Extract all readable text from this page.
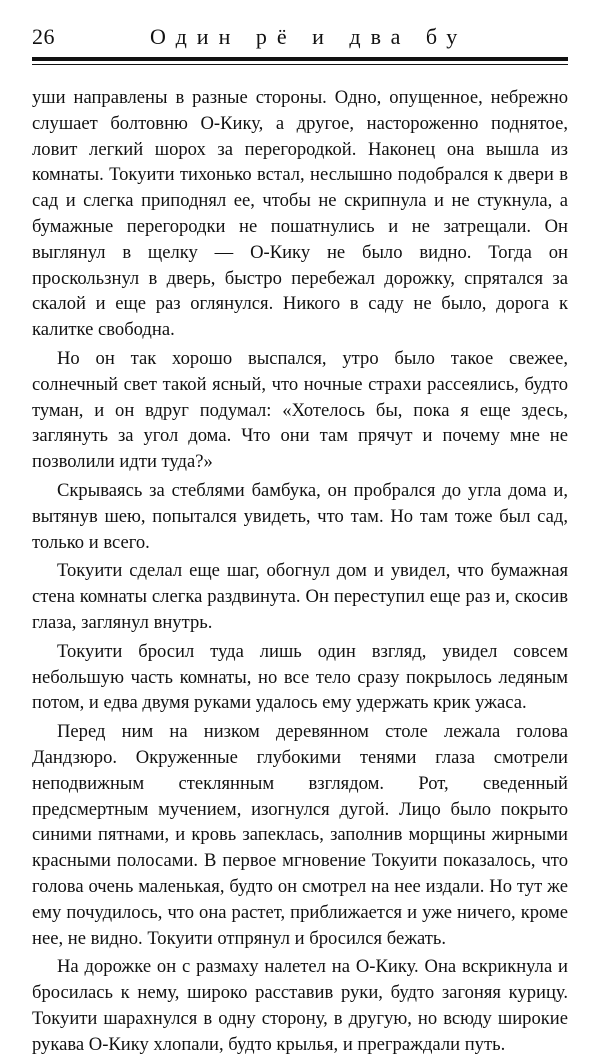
26	Один рё и два бу

уши направлены в разные стороны. Одно, опущенное, небрежно слушает болтовню О-Кику, а другое, настороженно поднятое, ловит легкий шорох за перегородкой. Наконец она вышла из комнаты. Токуити тихонько встал, неслышно подобрался к двери в сад и слегка приподнял ее, чтобы не скрипнула и не стукнула, а бумажные перегородки не пошатнулись и не затрещали. Он выглянул в щелку — О-Кику не было видно. Тогда он проскользнул в дверь, быстро перебежал дорожку, спрятался за скалой и еще раз оглянулся. Никого в саду не было, дорога к калитке свободна.

Но он так хорошо выспался, утро было такое свежее, солнечный свет такой ясный, что ночные страхи рассеялись, будто туман, и он вдруг подумал: «Хотелось бы, пока я еще здесь, заглянуть за угол дома. Что они там прячут и почему мне не позволили идти туда?»

Скрываясь за стеблями бамбука, он пробрался до угла дома и, вытянув шею, попытался увидеть, что там. Но там тоже был сад, только и всего.

Токуити сделал еще шаг, обогнул дом и увидел, что бумажная стена комнаты слегка раздвинута. Он переступил еще раз и, скосив глаза, заглянул внутрь.

Токуити бросил туда лишь один взгляд, увидел совсем небольшую часть комнаты, но все тело сразу покрылось ледяным потом, и едва двумя руками удалось ему удержать крик ужаса.

Перед ним на низком деревянном столе лежала голова Дандзюро. Окруженные глубокими тенями глаза смотрели неподвижным стеклянным взглядом. Рот, сведенный предсмертным мучением, изогнулся дугой. Лицо было покрыто синими пятнами, и кровь запеклась, заполнив морщины жирными красными полосами. В первое мгновение Токуити показалось, что голова очень маленькая, будто он смотрел на нее издали. Но тут же ему почудилось, что она растет, приближается и уже ничего, кроме нее, не видно. Токуити отпрянул и бросился бежать.

На дорожке он с размаху налетел на О-Кику. Она вскрикнула и бросилась к нему, широко расставив руки, будто загоняя курицу. Токуити шарахнулся в одну сторону, в другую, но всюду широкие рукава О-Кику хлопали, будто крылья, и преграждали путь.
